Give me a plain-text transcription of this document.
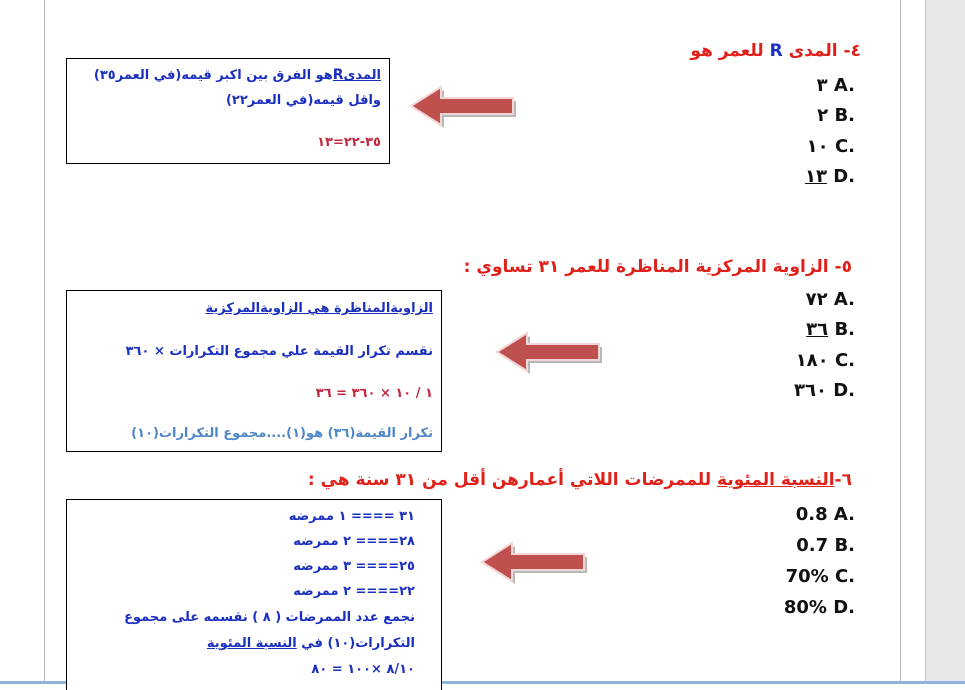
٤- المدى R للعمر هو
٣ A.
٢ B.
١٠ C.
١٣ D.
المدىRهو الفرق بين اكبر قيمه(في العمر٣٥)
واقل قيمه(في العمر٢٢)
٣٥-٢٢=١٣
٥- الزاوية المركزية المناظرة للعمر ٣١ تساوي :
٧٢ A.
٣٦ B.
١٨٠ C.
٣٦٠ D.
الزاويةالمناظرة هي الزاويةالمركزية
نقسم تكرار القيمة علي مجموع التكرارات × ٣٦٠
١ / ١٠ × ٣٦٠ = ٣٦
تكرار القيمة(٣٦) هو(١)....مجموع التكرارات(١٠)
٦-النسبة المئوية للممرضات اللاتي أعمارهن أقل من ٣١ سنة هي :
0.8 A.
0.7 B.
70% C.
80% D.
٣١ ==== ١ ممرضه
٢٨==== ٢ ممرضه
٢٥==== ٣ ممرضه
٢٢==== ٢ ممرضه
نجمع عدد الممرضات ( ٨ ) نقسمه على مجموع
التكرارات(١٠) في النسبة المئوية
٨/١٠ ×١٠٠ = ٨٠
